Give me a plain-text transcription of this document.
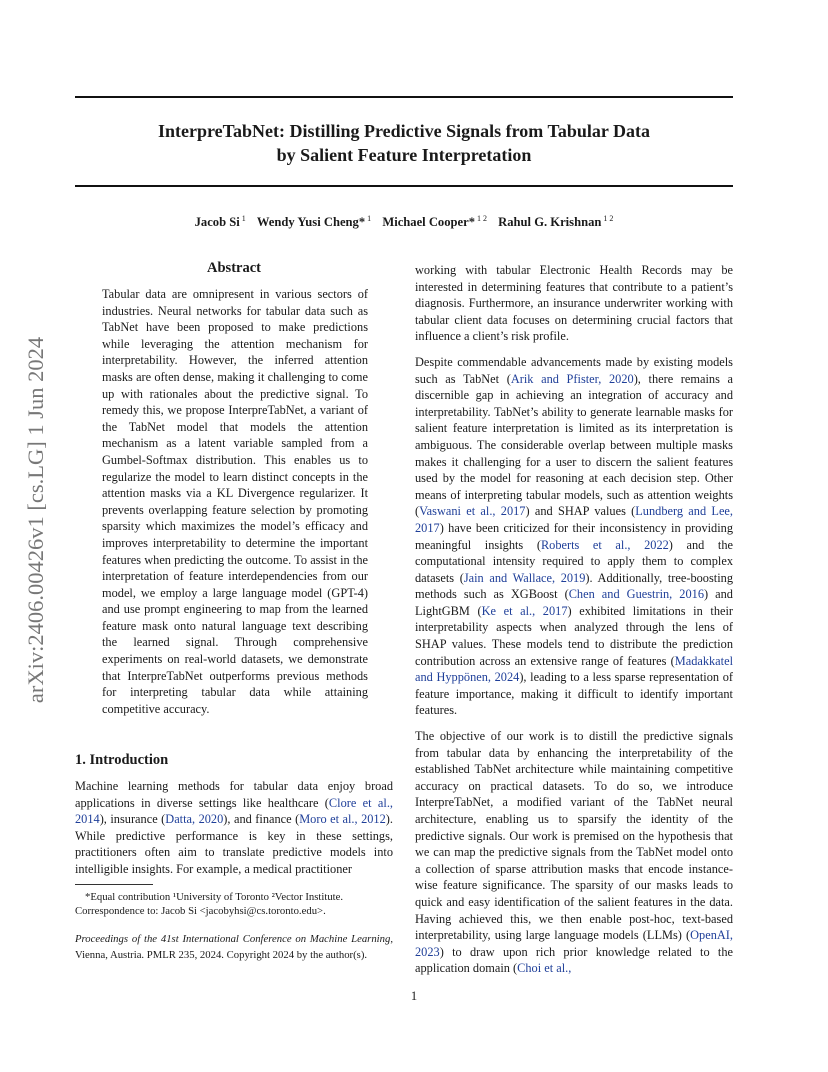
InterpreTabNet: Distilling Predictive Signals from Tabular Data
by Salient Feature Interpretation
Jacob Si $^1$ Wendy Yusi Cheng* $^1$ Michael Cooper* $^{1 2}$ Rahul G. Krishnan $^{1 2}$
arXiv:2406.00426v1 [cs.LG] 1 Jun 2024
Abstract
Tabular data are omnipresent in various sectors of industries. Neural networks for tabular data such as TabNet have been proposed to make predictions while leveraging the attention mechanism for interpretability. However, the inferred attention masks are often dense, making it challenging to come up with rationales about the predictive signal. To remedy this, we propose InterpreTabNet, a variant of the TabNet model that models the attention mechanism as a latent variable sampled from a Gumbel-Softmax distribution. This enables us to regularize the model to learn distinct concepts in the attention masks via a KL Divergence regularizer. It prevents overlapping feature selection by promoting sparsity which maximizes the model’s efficacy and improves interpretability to determine the important features when predicting the outcome. To assist in the interpretation of feature interdependencies from our model, we employ a large language model (GPT-4) and use prompt engineering to map from the learned feature mask onto natural language text describing the learned signal. Through comprehensive experiments on real-world datasets, we demonstrate that InterpreTabNet outperforms previous methods for interpreting tabular data while attaining competitive accuracy.
1. Introduction
Machine learning methods for tabular data enjoy broad applications in diverse settings like healthcare (Clore et al., 2014), insurance (Datta, 2020), and finance (Moro et al., 2012). While predictive performance is key in these settings, practitioners often aim to translate predictive models into intelligible insights. For example, a medical practitioner

*Equal contribution ¹University of Toronto ²Vector Institute. Correspondence to: Jacob Si <jacobyhsi@cs.toronto.edu>.

Proceedings of the 41st International Conference on Machine Learning, Vienna, Austria. PMLR 235, 2024. Copyright 2024 by the author(s).

working with tabular Electronic Health Records may be interested in determining features that contribute to a patient’s diagnosis. Furthermore, an insurance underwriter working with tabular client data focuses on determining crucial factors that influence a client’s risk profile.

Despite commendable advancements made by existing models such as TabNet (Arik and Pfister, 2020), there remains a discernible gap in achieving an integration of accuracy and interpretability. TabNet’s ability to generate learnable masks for salient feature interpretation is limited as its interpretation is ambiguous. The considerable overlap between multiple masks makes it challenging for a user to discern the salient features used by the model for reasoning at each decision step. Other means of interpreting tabular models, such as attention weights (Vaswani et al., 2017) and SHAP values (Lundberg and Lee, 2017) have been criticized for their inconsistency in providing meaningful insights (Roberts et al., 2022) and the computational intensity required to apply them to complex datasets (Jain and Wallace, 2019). Additionally, tree-boosting methods such as XGBoost (Chen and Guestrin, 2016) and LightGBM (Ke et al., 2017) exhibited limitations in their interpretability aspects when analyzed through the lens of SHAP values. These models tend to distribute the prediction contribution across an extensive range of features (Madakkatel and Hyppönen, 2024), leading to a less sparse representation of feature importance, making it difficult to identify important features.

The objective of our work is to distill the predictive signals from tabular data by enhancing the interpretability of the established TabNet architecture while maintaining competitive accuracy on practical datasets. To do so, we introduce InterpreTabNet, a modified variant of the TabNet neural architecture, enabling us to sparsify the identity of the predictive signals. Our work is premised on the hypothesis that we can map the predictive signals from the TabNet model onto a collection of sparse attribution masks that encode instance-wise feature significance. The sparsity of our masks leads to quick and easy identification of the salient features in the data. Having achieved this, we then enable post-hoc, text-based interpretability, using large language models (LLMs) (OpenAI, 2023) to draw upon rich prior knowledge related to the application domain (Choi et al.,

1
